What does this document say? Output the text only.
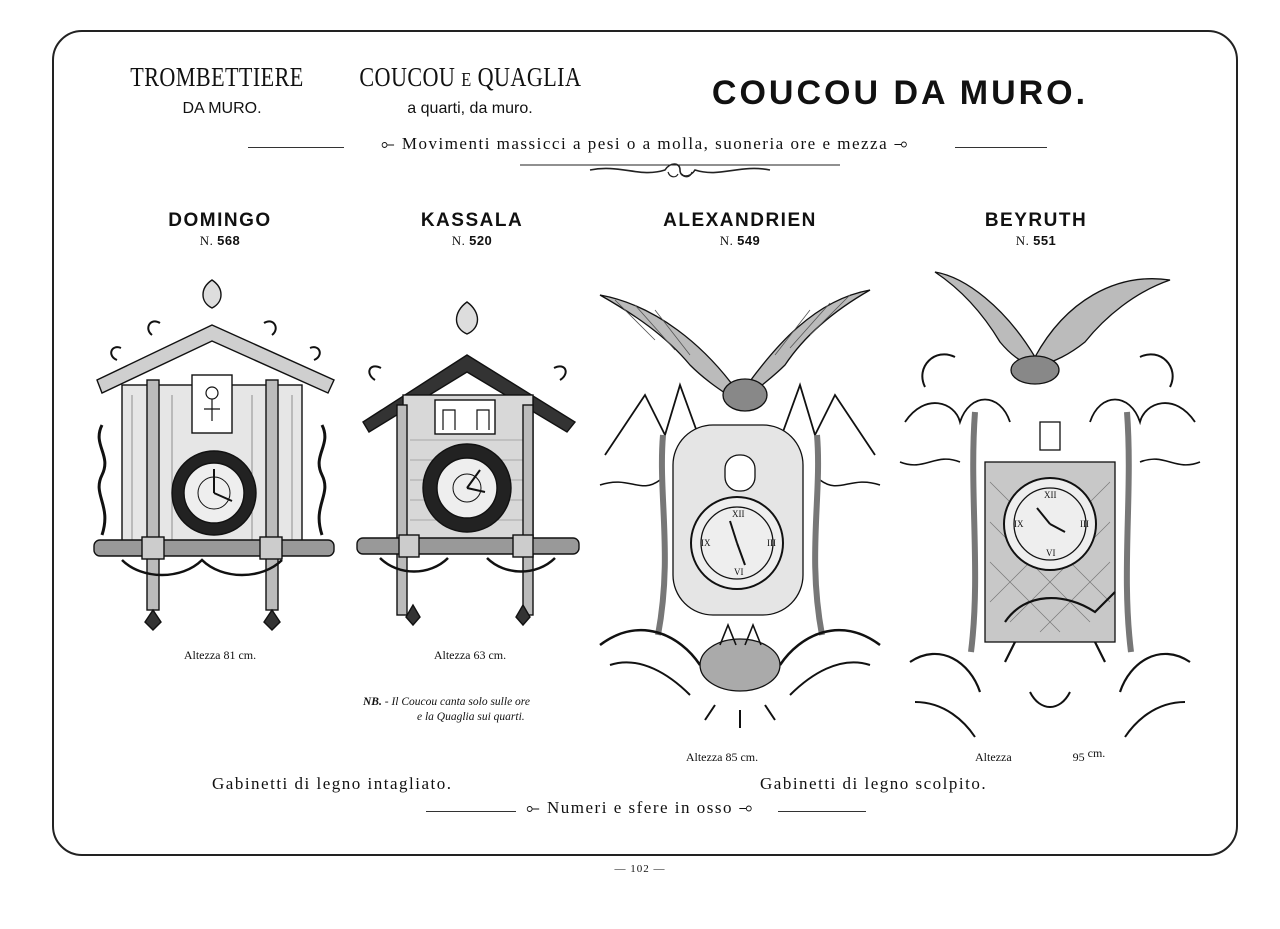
TROMBETTIERE
DA MURO.
COUCOU E QUAGLIA
a quarti, da muro.	COUCOU DA MURO.
⟜ Movimenti massicci a pesi o a molla, suoneria ore e mezza ⊸
DOMINGO
N. 568
KASSALA
N. 520
ALEXANDRIEN
N. 549
BEYRUTH
N. 551
Altezza 81 cm.	Altezza 63 cm.
NB. - Il Coucou canta solo sulle ore
e la Quaglia sui quarti.
XII
III
VI
IX
Altezza 85 cm.
XII
III
VI
IX
Altezza	95 cm.
Gabinetti di legno intagliato.	Gabinetti di legno scolpito.
⟜ Numeri e sfere in osso ⊸
— 102 —
